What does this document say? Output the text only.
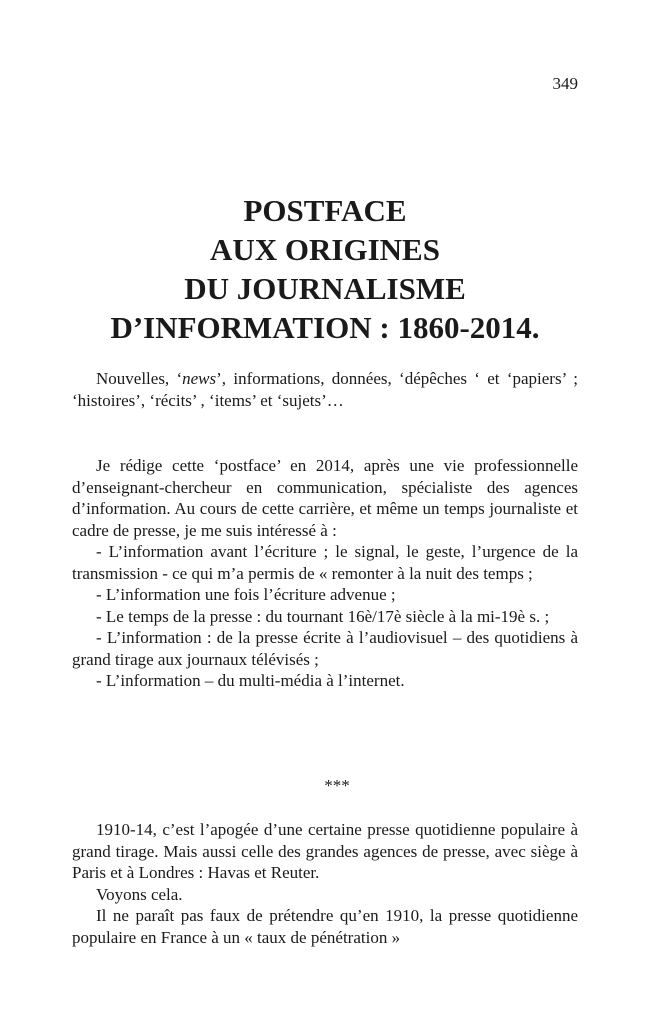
349
POSTFACE
AUX ORIGINES
DU JOURNALISME
D’INFORMATION : 1860-2014.

Nouvelles, ‘news’, informations, données, ‘dépêches ‘ et ‘papiers’ ; ‘histoires’, ‘récits’ , ‘items’ et ‘sujets’…

Je rédige cette ‘postface’ en 2014, après une vie professionnelle d’enseignant-chercheur en communication, spécialiste des agences d’information. Au cours de cette carrière, et même un temps journaliste et cadre de presse, je me suis intéressé à :

- L’information avant l’écriture ; le signal, le geste, l’urgence de la transmission - ce qui m’a permis de « remonter à la nuit des temps ;

- L’information une fois l’écriture advenue ;

- Le temps de la presse : du tournant 16è/17è siècle à la mi-19è s. ;

- L’information : de la presse écrite à l’audiovisuel – des quotidiens à grand tirage aux journaux télévisés ;

- L’information – du multi-média à l’internet.

***

1910-14, c’est l’apogée d’une certaine presse quotidienne populaire à grand tirage. Mais aussi celle des grandes agences de presse, avec siège à Paris et à Londres : Havas et Reuter.

Voyons cela.

Il ne paraît pas faux de prétendre qu’en 1910, la presse quotidienne populaire en France à un « taux de pénétration »
